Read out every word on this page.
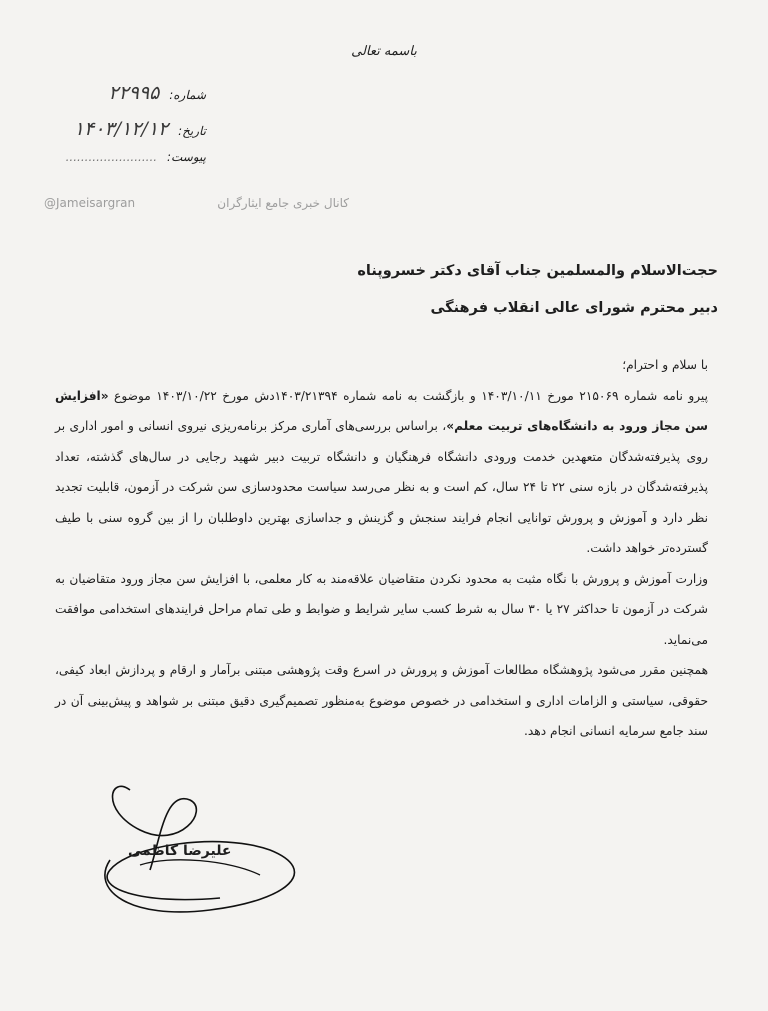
باسمه تعالی
شماره: ۲۲۹۹۵
تاریخ: ۱۴۰۳/۱۲/۱۲
پیوست: ........................
@Jameisargran	کانال خبری جامع ایثارگران
حجت‌الاسلام والمسلمین جناب آقای دکتر خسروپناه
دبیر محترم شورای عالی انقلاب فرهنگی

با سلام و احترام؛

پیرو نامه شماره ۲۱۵۰۶۹ مورخ ۱۴۰۳/۱۰/۱۱ و بازگشت به نامه شماره ۱۴۰۳/۲۱۳۹۴دش مورخ ۱۴۰۳/۱۰/۲۲ موضوع «افزایش سن مجاز ورود به دانشگاه‌های تربیت معلم»، براساس بررسی‌های آماری مرکز برنامه‌ریزی نیروی انسانی و امور اداری بر روی پذیرفته‌شدگان متعهدین خدمت ورودی دانشگاه فرهنگیان و دانشگاه تربیت دبیر شهید رجایی در سال‌های گذشته، تعداد پذیرفته‌شدگان در بازه سنی ۲۲ تا ۲۴ سال، کم است و به نظر می‌رسد سیاست محدودسازی سن شرکت در آزمون، قابلیت تجدید نظر دارد و آموزش و پرورش توانایی انجام فرایند سنجش و گزینش و جداسازی بهترین داوطلبان را از بین گروه سنی با طیف گسترده‌تر خواهد داشت.

وزارت آموزش و پرورش با نگاه مثبت به محدود نکردن متقاضیان علاقه‌مند به کار معلمی، با افزایش سن مجاز ورود متقاضیان به شرکت در آزمون تا حداکثر ۲۷ یا ۳۰ سال به شرط کسب سایر شرایط و ضوابط و طی تمام مراحل فرایندهای استخدامی موافقت می‌نماید.

همچنین مقرر می‌شود پژوهشگاه مطالعات آموزش و پرورش در اسرع وقت پژوهشی مبتنی برآمار و ارقام و پردازش ابعاد کیفی، حقوقی، سیاستی و الزامات اداری و استخدامی در خصوص موضوع به‌منظور تصمیم‌گیری دقیق مبتنی بر شواهد و پیش‌بینی آن در سند جامع سرمایه انسانی انجام دهد.

علیرضا کاظمی
